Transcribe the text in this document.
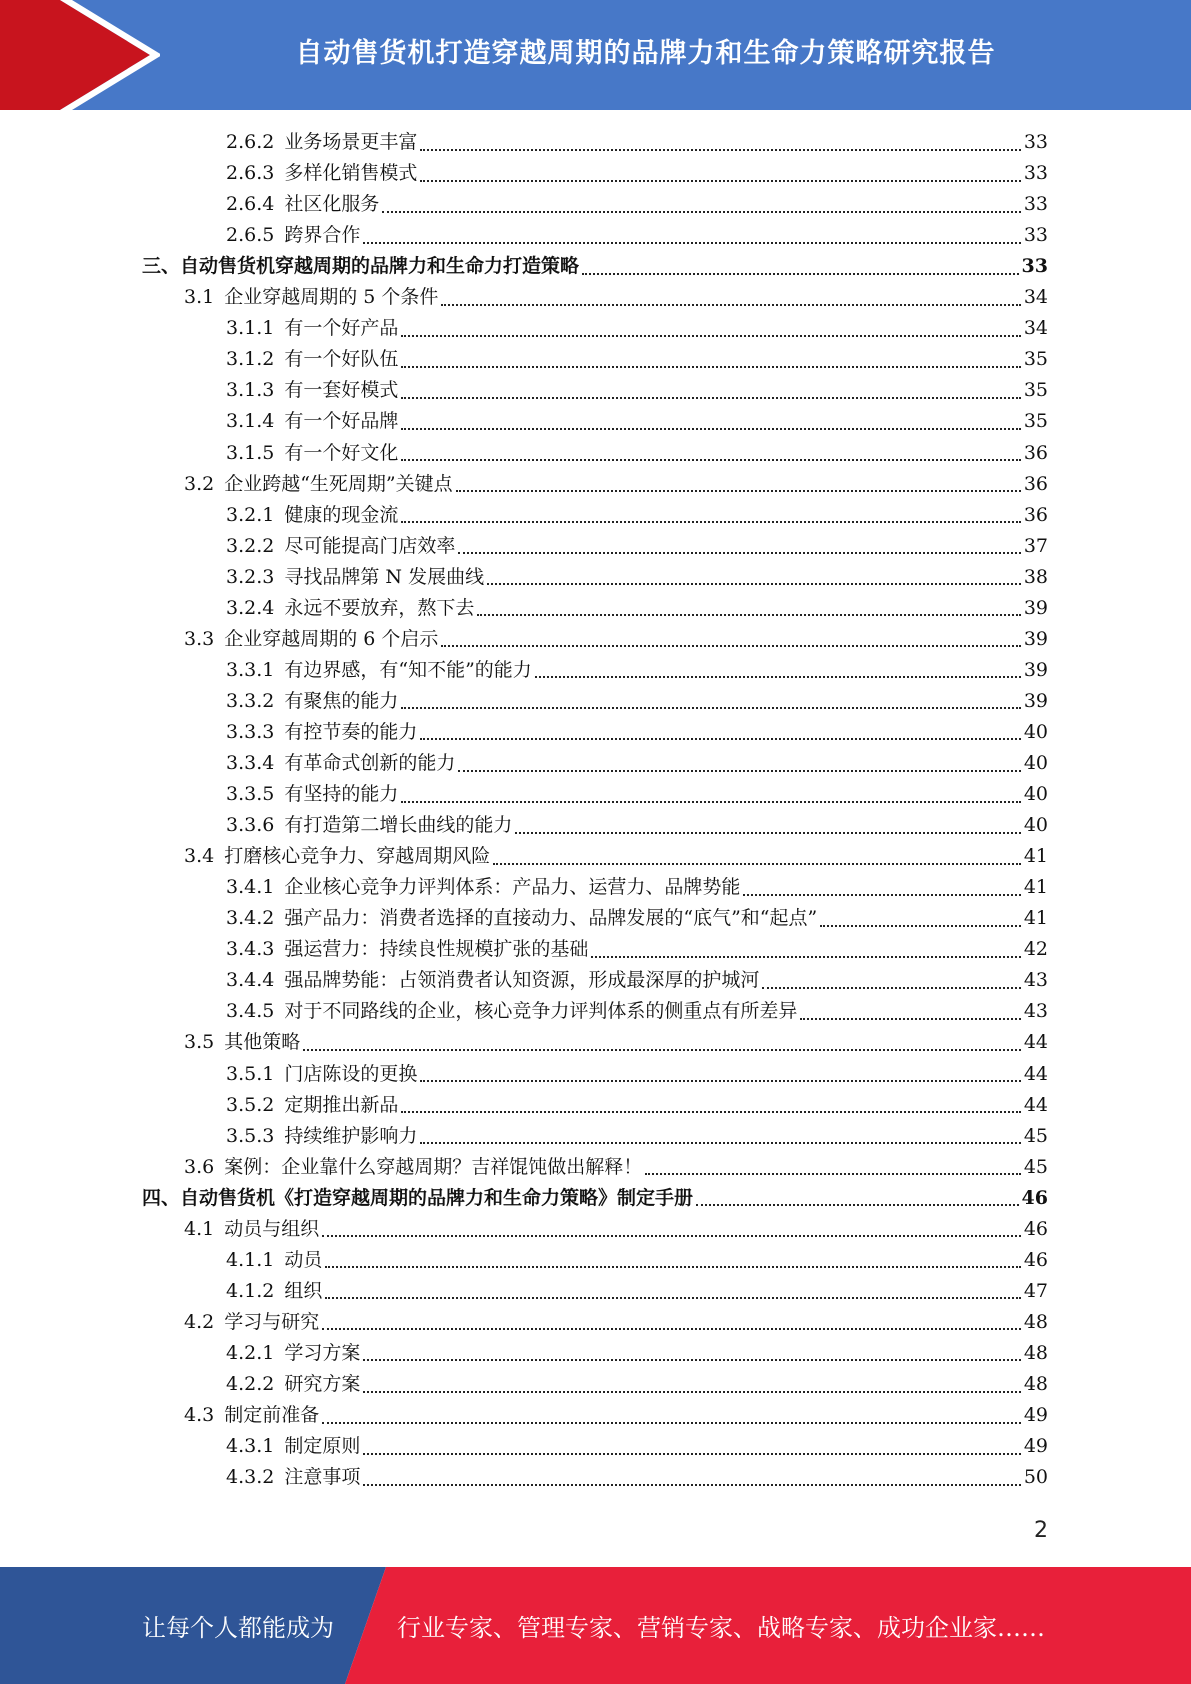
自动售货机打造穿越周期的品牌力和生命力策略研究报告
2.6.2 业务场景更丰富	33
2.6.3 多样化销售模式	33
2.6.4 社区化服务	33
2.6.5 跨界合作	33
三、自动售货机穿越周期的品牌力和生命力打造策略	33
3.1 企业穿越周期的 5 个条件	34
3.1.1 有一个好产品	34
3.1.2 有一个好队伍	35
3.1.3 有一套好模式	35
3.1.4 有一个好品牌	35
3.1.5 有一个好文化	36
3.2 企业跨越“生死周期”关键点	36
3.2.1 健康的现金流	36
3.2.2 尽可能提高门店效率	37
3.2.3 寻找品牌第 N 发展曲线	38
3.2.4 永远不要放弃，熬下去	39
3.3 企业穿越周期的 6 个启示	39
3.3.1 有边界感，有“知不能”的能力	39
3.3.2 有聚焦的能力	39
3.3.3 有控节奏的能力	40
3.3.4 有革命式创新的能力	40
3.3.5 有坚持的能力	40
3.3.6 有打造第二增长曲线的能力	40
3.4 打磨核心竞争力、穿越周期风险	41
3.4.1 企业核心竞争力评判体系：产品力、运营力、品牌势能	41
3.4.2 强产品力：消费者选择的直接动力、品牌发展的“底气”和“起点”	41
3.4.3 强运营力：持续良性规模扩张的基础	42
3.4.4 强品牌势能：占领消费者认知资源，形成最深厚的护城河	43
3.4.5 对于不同路线的企业，核心竞争力评判体系的侧重点有所差异	43
3.5 其他策略	44
3.5.1 门店陈设的更换	44
3.5.2 定期推出新品	44
3.5.3 持续维护影响力	45
3.6 案例：企业靠什么穿越周期？吉祥馄饨做出解释！	45
四、自动售货机《打造穿越周期的品牌力和生命力策略》制定手册	46
4.1 动员与组织	46
4.1.1 动员	46
4.1.2 组织	47
4.2 学习与研究	48
4.2.1 学习方案	48
4.2.2 研究方案	48
4.3 制定前准备	49
4.3.1 制定原则	49
4.3.2 注意事项	50
2
让每个人都能成为	行业专家、管理专家、营销专家、战略专家、成功企业家……
